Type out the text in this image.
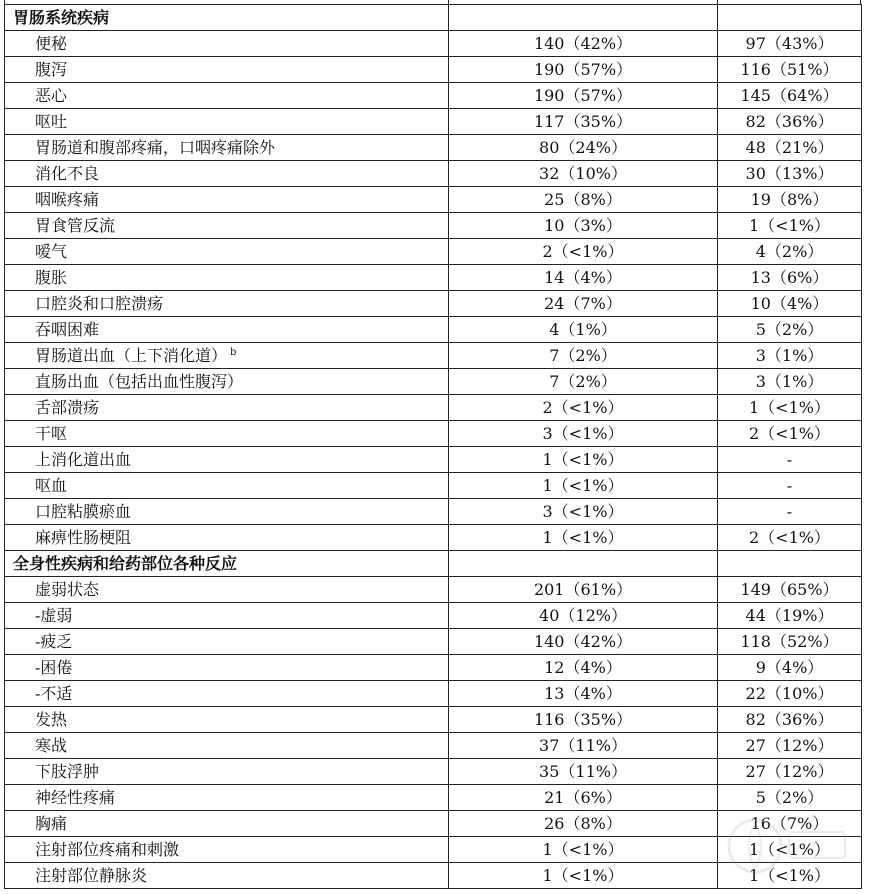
胃肠系统疾病		
便秘	140（42%）	97（43%）
腹泻	190（57%）	116（51%）
恶心	190（57%）	145（64%）
呕吐	117（35%）	82（36%）
胃肠道和腹部疼痛，口咽疼痛除外	80（24%）	48（21%）
消化不良	32（10%）	30（13%）
咽喉疼痛	25（8%）	19（8%）
胃食管反流	10（3%）	1（<1%）
嗳气	2（<1%）	4（2%）
腹胀	14（4%）	13（6%）
口腔炎和口腔溃疡	24（7%）	10（4%）
吞咽困难	4（1%）	5（2%）
胃肠道出血（上下消化道） $^b$	7（2%）	3（1%）
直肠出血（包括出血性腹泻）	7（2%）	3（1%）
舌部溃疡	2（<1%）	1（<1%）
干呕	3（<1%）	2（<1%）
上消化道出血	1（<1%）	-
呕血	1（<1%）	-
口腔粘膜瘀血	3（<1%）	-
麻痹性肠梗阻	1（<1%）	2（<1%）
全身性疾病和给药部位各种反应		
虚弱状态	201（61%）	149（65%）
-虚弱	40（12%）	44（19%）
-疲乏	140（42%）	118（52%）
-困倦	12（4%）	9（4%）
-不适	13（4%）	22（10%）
发热	116（35%）	82（36%）
寒战	37（11%）	27（12%）
下肢浮肿	35（11%）	27（12%）
神经性疼痛	21（6%）	5（2%）
胸痛	26（8%）	16（7%）
注射部位疼痛和刺激	1（<1%）	1（<1%）
注射部位静脉炎	1（<1%）	1（<1%）
